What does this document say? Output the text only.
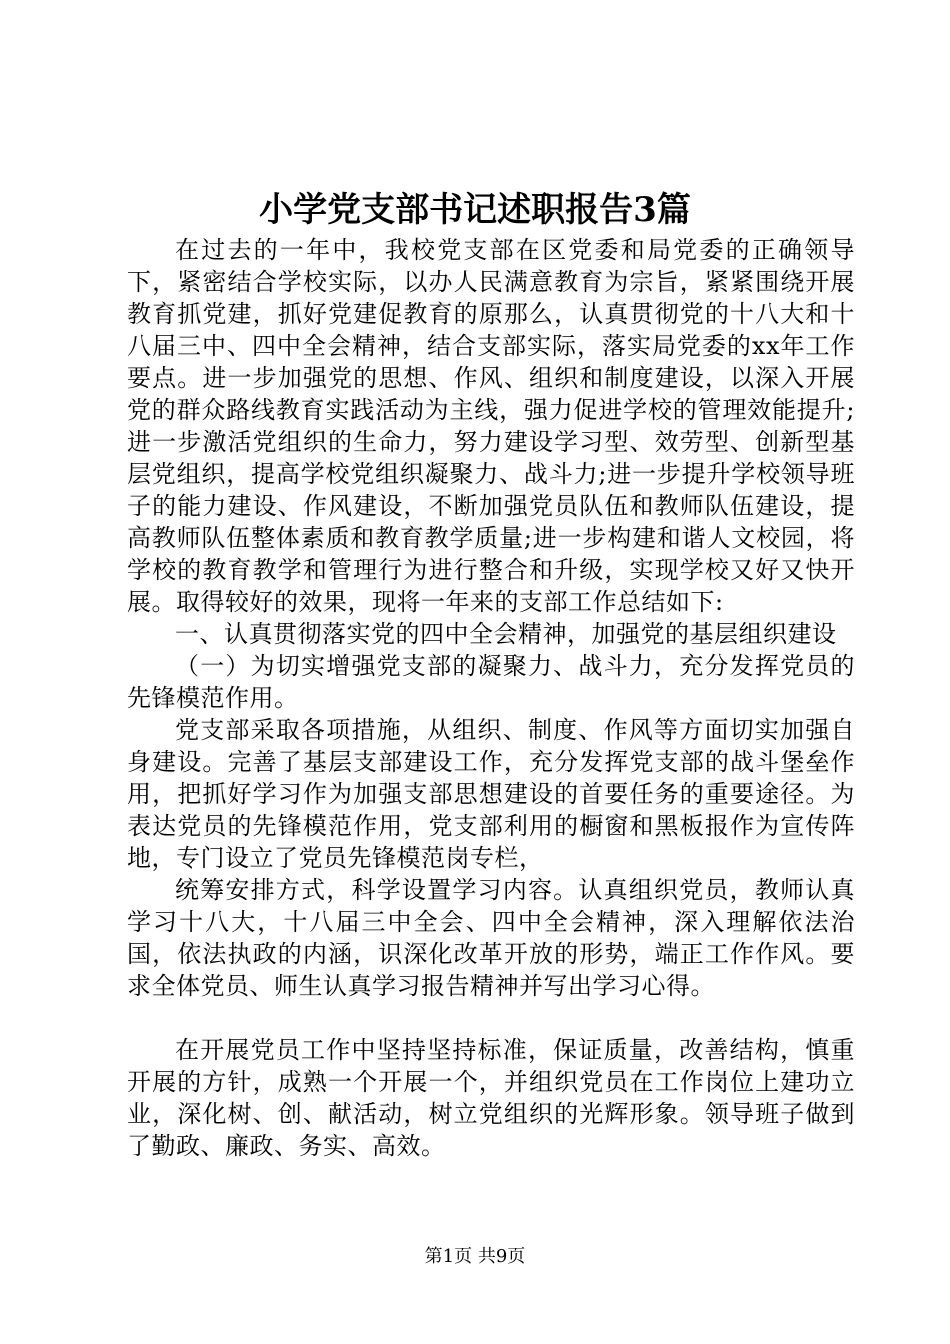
小学党支部书记述职报告3篇

在过去的一年中，我校党支部在区党委和局党委的正确领导下，紧密结合学校实际，以办人民满意教育为宗旨，紧紧围绕开展教育抓党建，抓好党建促教育的原那么，认真贯彻党的十八大和十八届三中、四中全会精神，结合支部实际，落实局党委的xx年工作要点。进一步加强党的思想、作风、组织和制度建设，以深入开展党的群众路线教育实践活动为主线，强力促进学校的管理效能提升;进一步激活党组织的生命力，努力建设学习型、效劳型、创新型基层党组织，提高学校党组织凝聚力、战斗力;进一步提升学校领导班子的能力建设、作风建设，不断加强党员队伍和教师队伍建设，提高教师队伍整体素质和教育教学质量;进一步构建和谐人文校园，将学校的教育教学和管理行为进行整合和升级，实现学校又好又快开展。取得较好的效果，现将一年来的支部工作总结如下:

一、认真贯彻落实党的四中全会精神，加强党的基层组织建设

（一）为切实增强党支部的凝聚力、战斗力，充分发挥党员的先锋模范作用。

党支部采取各项措施，从组织、制度、作风等方面切实加强自身建设。完善了基层支部建设工作，充分发挥党支部的战斗堡垒作用，把抓好学习作为加强支部思想建设的首要任务的重要途径。为表达党员的先锋模范作用，党支部利用的橱窗和黑板报作为宣传阵地，专门设立了党员先锋模范岗专栏，

统筹安排方式，科学设置学习内容。认真组织党员，教师认真学习十八大，十八届三中全会、四中全会精神，深入理解依法治国，依法执政的内涵，识深化改革开放的形势，端正工作作风。要求全体党员、师生认真学习报告精神并写出学习心得。

在开展党员工作中坚持坚持标准，保证质量，改善结构，慎重开展的方针，成熟一个开展一个，并组织党员在工作岗位上建功立业，深化树、创、献活动，树立党组织的光辉形象。领导班子做到了勤政、廉政、务实、高效。

第1页 共9页
